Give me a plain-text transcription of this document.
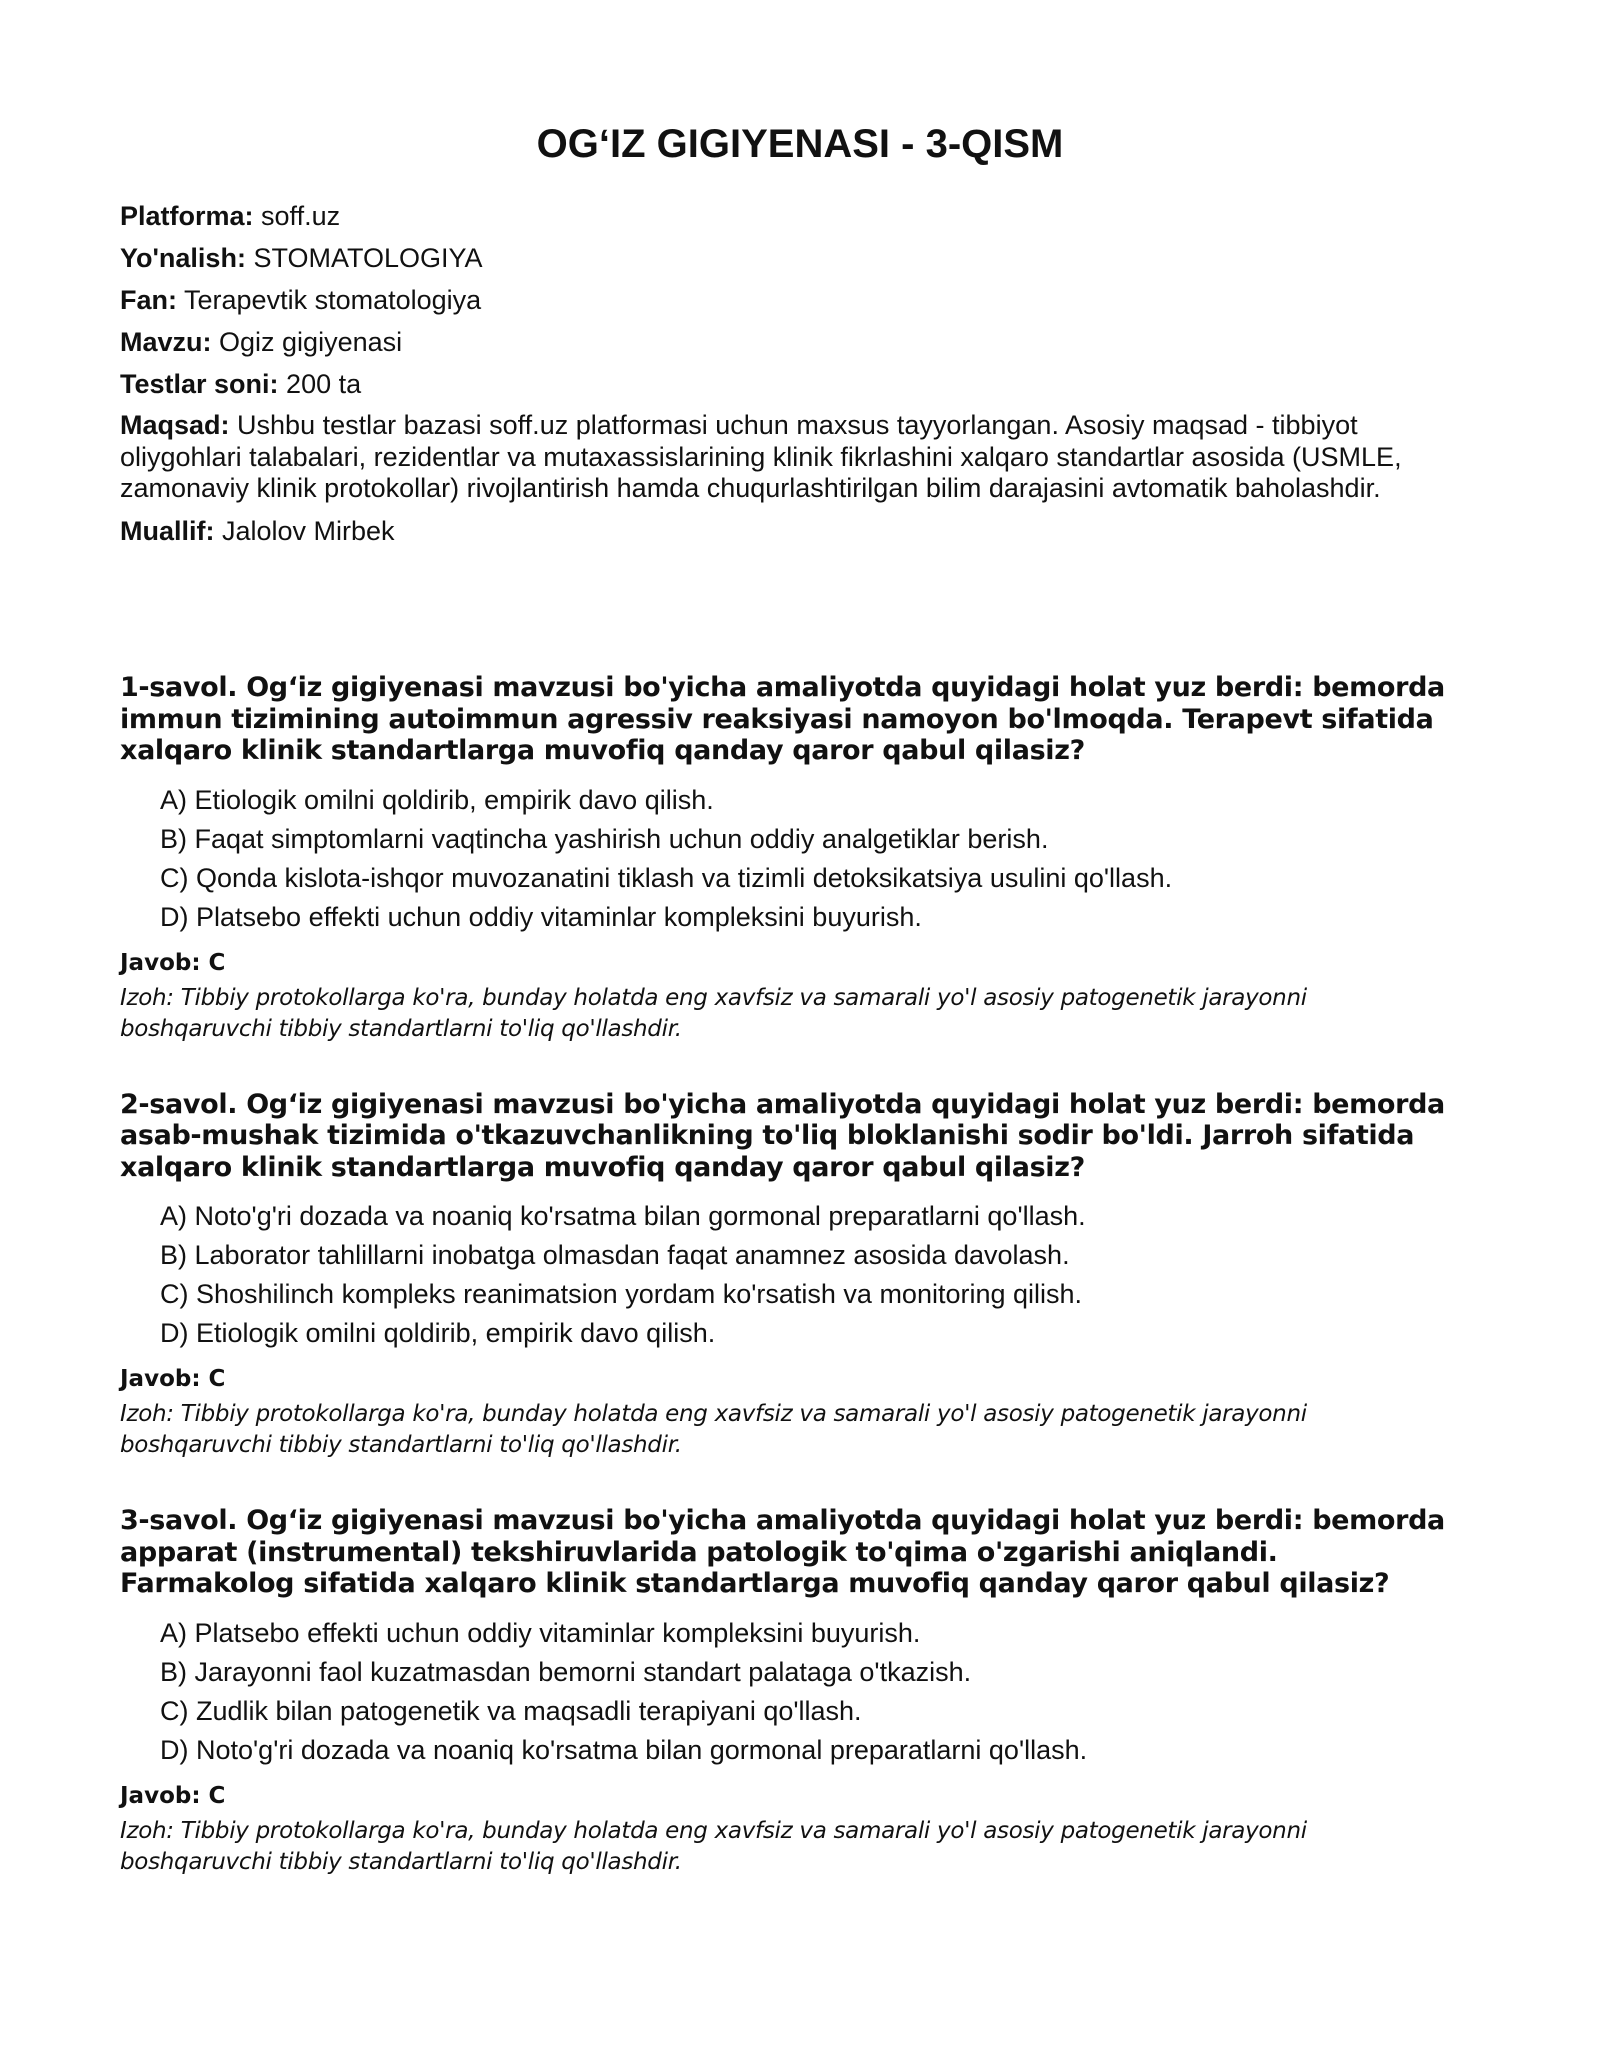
OG‘IZ GIGIYENASI - 3-QISM
Platforma: soff.uz
Yo'nalish: STOMATOLOGIYA
Fan: Terapevtik stomatologiya
Mavzu: Ogiz gigiyenasi
Testlar soni: 200 ta
Maqsad: Ushbu testlar bazasi soff.uz platformasi uchun maxsus tayyorlangan. Asosiy maqsad - tibbiyot oliygohlari talabalari, rezidentlar va mutaxassislarining klinik fikrlashini xalqaro standartlar asosida (USMLE, zamonaviy klinik protokollar) rivojlantirish hamda chuqurlashtirilgan bilim darajasini avtomatik baholashdir.
Muallif: Jalolov Mirbek

1-savol. Og‘iz gigiyenasi mavzusi bo'yicha amaliyotda quyidagi holat yuz berdi: bemorda immun tizimining autoimmun agressiv reaksiyasi namoyon bo'lmoqda. Terapevt sifatida xalqaro klinik standartlarga muvofiq qanday qaror qabul qilasiz?

A) Etiologik omilni qoldirib, empirik davo qilish.
B) Faqat simptomlarni vaqtincha yashirish uchun oddiy analgetiklar berish.
C) Qonda kislota-ishqor muvozanatini tiklash va tizimli detoksikatsiya usulini qo'llash.
D) Platsebo effekti uchun oddiy vitaminlar kompleksini buyurish.

Javob: C

Izoh: Tibbiy protokollarga ko'ra, bunday holatda eng xavfsiz va samarali yo'l asosiy patogenetik jarayonni boshqaruvchi tibbiy standartlarni to'liq qo'llashdir.

2-savol. Og‘iz gigiyenasi mavzusi bo'yicha amaliyotda quyidagi holat yuz berdi: bemorda asab-mushak tizimida o'tkazuvchanlikning to'liq bloklanishi sodir bo'ldi. Jarroh sifatida xalqaro klinik standartlarga muvofiq qanday qaror qabul qilasiz?

A) Noto'g'ri dozada va noaniq ko'rsatma bilan gormonal preparatlarni qo'llash.
B) Laborator tahlillarni inobatga olmasdan faqat anamnez asosida davolash.
C) Shoshilinch kompleks reanimatsion yordam ko'rsatish va monitoring qilish.
D) Etiologik omilni qoldirib, empirik davo qilish.

Javob: C

Izoh: Tibbiy protokollarga ko'ra, bunday holatda eng xavfsiz va samarali yo'l asosiy patogenetik jarayonni boshqaruvchi tibbiy standartlarni to'liq qo'llashdir.

3-savol. Og‘iz gigiyenasi mavzusi bo'yicha amaliyotda quyidagi holat yuz berdi: bemorda apparat (instrumental) tekshiruvlarida patologik to'qima o'zgarishi aniqlandi. Farmakolog sifatida xalqaro klinik standartlarga muvofiq qanday qaror qabul qilasiz?

A) Platsebo effekti uchun oddiy vitaminlar kompleksini buyurish.
B) Jarayonni faol kuzatmasdan bemorni standart palataga o'tkazish.
C) Zudlik bilan patogenetik va maqsadli terapiyani qo'llash.
D) Noto'g'ri dozada va noaniq ko'rsatma bilan gormonal preparatlarni qo'llash.

Javob: C

Izoh: Tibbiy protokollarga ko'ra, bunday holatda eng xavfsiz va samarali yo'l asosiy patogenetik jarayonni boshqaruvchi tibbiy standartlarni to'liq qo'llashdir.
